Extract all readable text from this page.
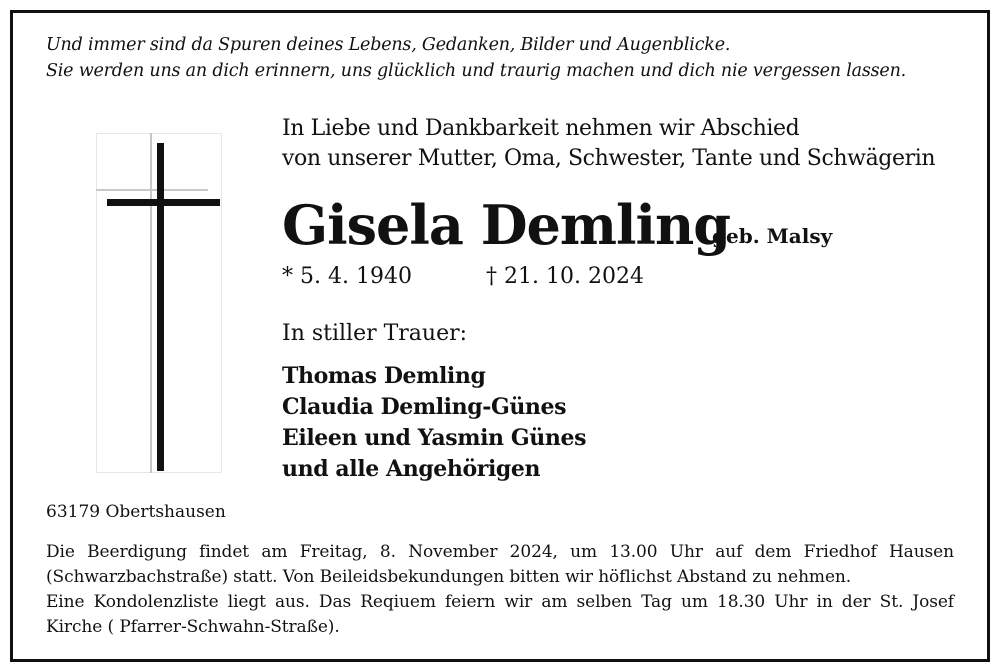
Und immer sind da Spuren deines Lebens, Gedanken, Bilder und Augenblicke.
Sie werden uns an dich erinnern, uns glücklich und traurig machen und dich nie vergessen lassen.
In Liebe und Dankbarkeit nehmen wir Abschied
von unserer Mutter, Oma, Schwester, Tante und Schwägerin
Gisela Demling
geb. Malsy
* 5. 4. 1940	† 21. 10. 2024
In stiller Trauer:
Thomas Demling
Claudia Demling-Günes
Eileen und Yasmin Günes
und alle Angehörigen
63179 Obertshausen
Die Beerdigung findet am Freitag, 8. November 2024, um 13.00 Uhr auf dem Friedhof Hausen
(Schwarzbachstraße) statt. Von Beileidsbekundungen bitten wir höflichst Abstand zu nehmen.
Eine Kondolenzliste liegt aus. Das Reqiuem feiern wir am selben Tag um 18.30 Uhr in der St. Josef
Kirche ( Pfarrer-Schwahn-Straße).
